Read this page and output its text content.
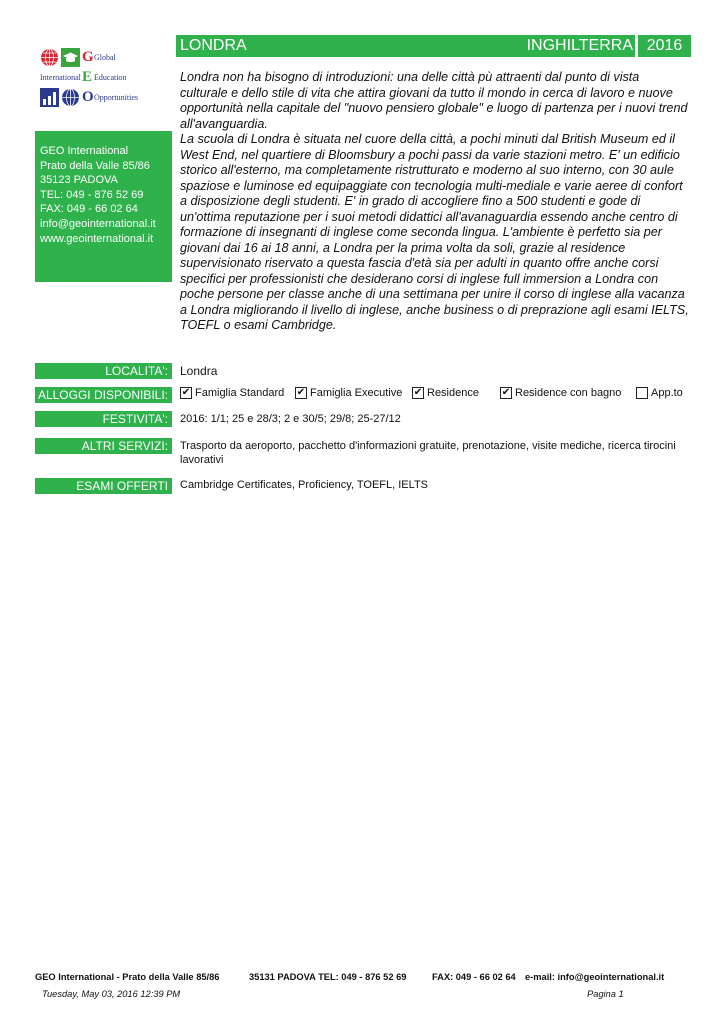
G Global
International E Education
O Opportunities
GEO International
Prato della Valle 85/86
35123 PADOVA
TEL: 049 - 876 52 69
FAX: 049 - 66 02 64
info@geointernational.it
www.geointernational.it
LONDRA	INGHILTERRA 2016

Londra non ha bisogno di introduzioni: una delle città pù attraenti dal punto di vista culturale e dello stile di vita che attira giovani da tutto il mondo in cerca di lavoro e nuove opportunità nella capitale del "nuovo pensiero globale" e luogo di partenza per i nuovi trend all'avanguardia.

La scuola di Londra è situata nel cuore della città, a pochi minuti dal British Museum ed il West End, nel quartiere di Bloomsbury a pochi passi da varie stazioni metro. E' un edificio storico all'esterno, ma completamente ristrutturato e moderno al suo interno, con 30 aule spaziose e luminose ed equipaggiate con tecnologia multi-mediale e varie aeree di confort a disposizione degli studenti. E' in grado di accogliere fino a 500 studenti e gode di un'ottima reputazione per i suoi metodi didattici all'avanaguardia essendo anche centro di formazione di insegnanti di inglese come seconda lingua. L'ambiente è perfetto sia per giovani dai 16 ai 18 anni, a Londra per la prima volta da soli, grazie al residence supervisionato riservato a questa fascia d'età sia per adulti in quanto offre anche corsi specifici per professionisti che desiderano corsi di inglese full immersion a Londra con poche persone per classe anche di una settimana per unire il corso di inglese alla vacanza a Londra migliorando il livello di inglese, anche business o di preprazione agli esami IELTS, TOEFL o esami Cambridge.

LOCALITA':	Londra
ALLOGGI DISPONIBILI:	✔ Famiglia Standard ✔ Famiglia Executive ✔ Residence ✔ Residence con bagno	App.to
FESTIVITA':	2016: 1/1; 25 e 28/3; 2 e 30/5; 29/8; 25-27/12
ALTRI SERVIZI:	Trasporto da aeroporto, pacchetto d'informazioni gratuite, prenotazione, visite mediche, ricerca tirocini lavorativi
ESAMI OFFERTI	Cambridge Certificates, Proficiency, TOEFL, IELTS
GEO International - Prato della Valle 85/86	35131 PADOVA TEL: 049 - 876 52 69	FAX: 049 - 66 02 64 e-mail: info@geointernational.it
Tuesday, May 03, 2016 12:39 PM	Pagina 1
